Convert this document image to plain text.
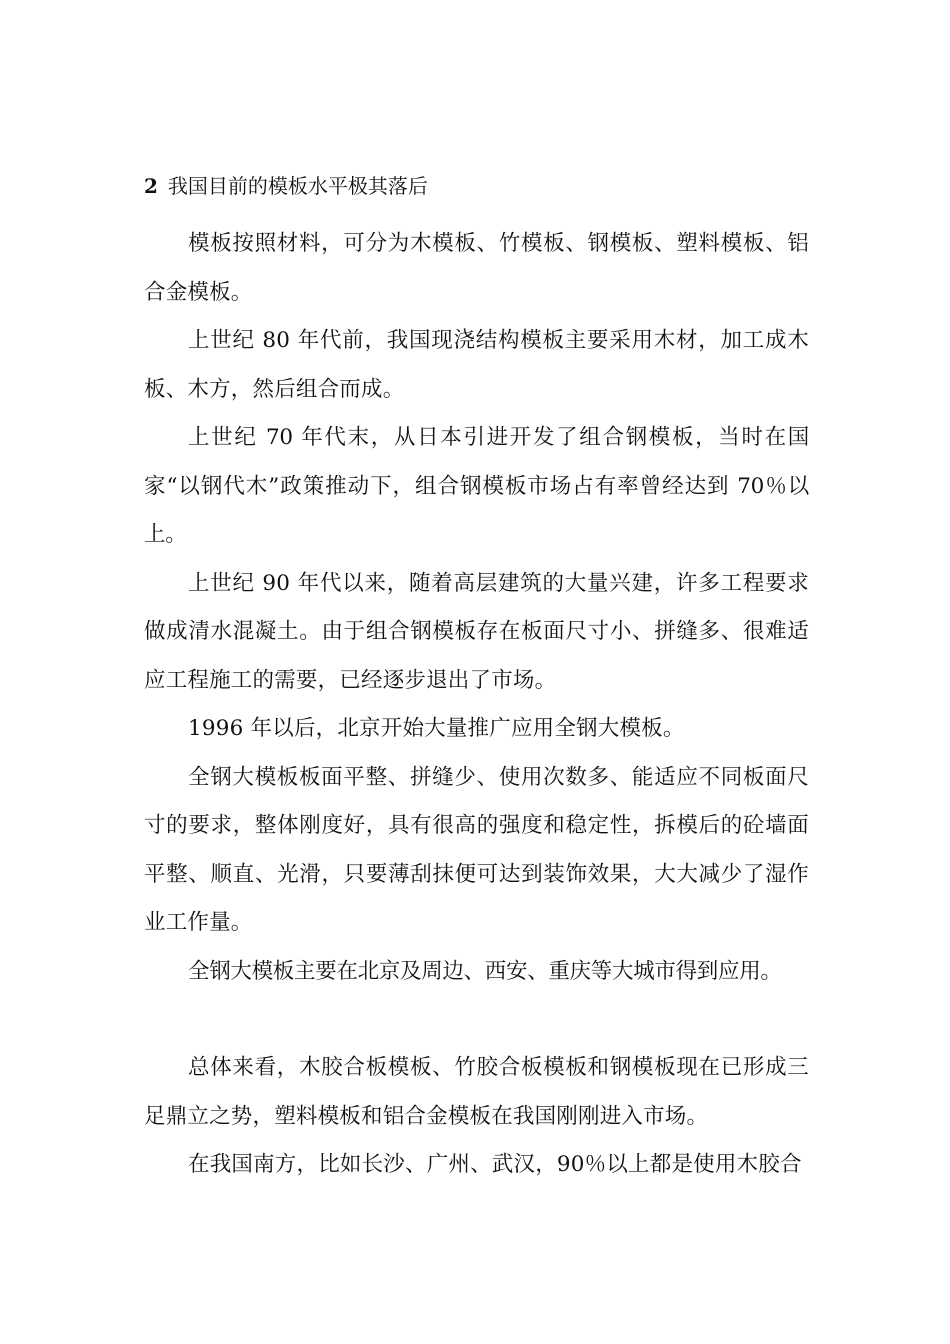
2 我国目前的模板水平极其落后

模板按照材料，可分为木模板、竹模板、钢模板、塑料模板、铝合金模板。

上世纪 80 年代前，我国现浇结构模板主要采用木材，加工成木板、木方，然后组合而成。

上世纪 70 年代末，从日本引进开发了组合钢模板，当时在国家“以钢代木”政策推动下，组合钢模板市场占有率曾经达到 70％以上。

上世纪 90 年代以来，随着高层建筑的大量兴建，许多工程要求做成清水混凝土。由于组合钢模板存在板面尺寸小、拼缝多、很难适应工程施工的需要，已经逐步退出了市场。

1996 年以后，北京开始大量推广应用全钢大模板。

全钢大模板板面平整、拼缝少、使用次数多、能适应不同板面尺寸的要求，整体刚度好，具有很高的强度和稳定性，拆模后的砼墙面平整、顺直、光滑，只要薄刮抹便可达到装饰效果，大大减少了湿作业工作量。

全钢大模板主要在北京及周边、西安、重庆等大城市得到应用。

总体来看，木胶合板模板、竹胶合板模板和钢模板现在已形成三足鼎立之势，塑料模板和铝合金模板在我国刚刚进入市场。

在我国南方，比如长沙、广州、武汉，90％以上都是使用木胶合
